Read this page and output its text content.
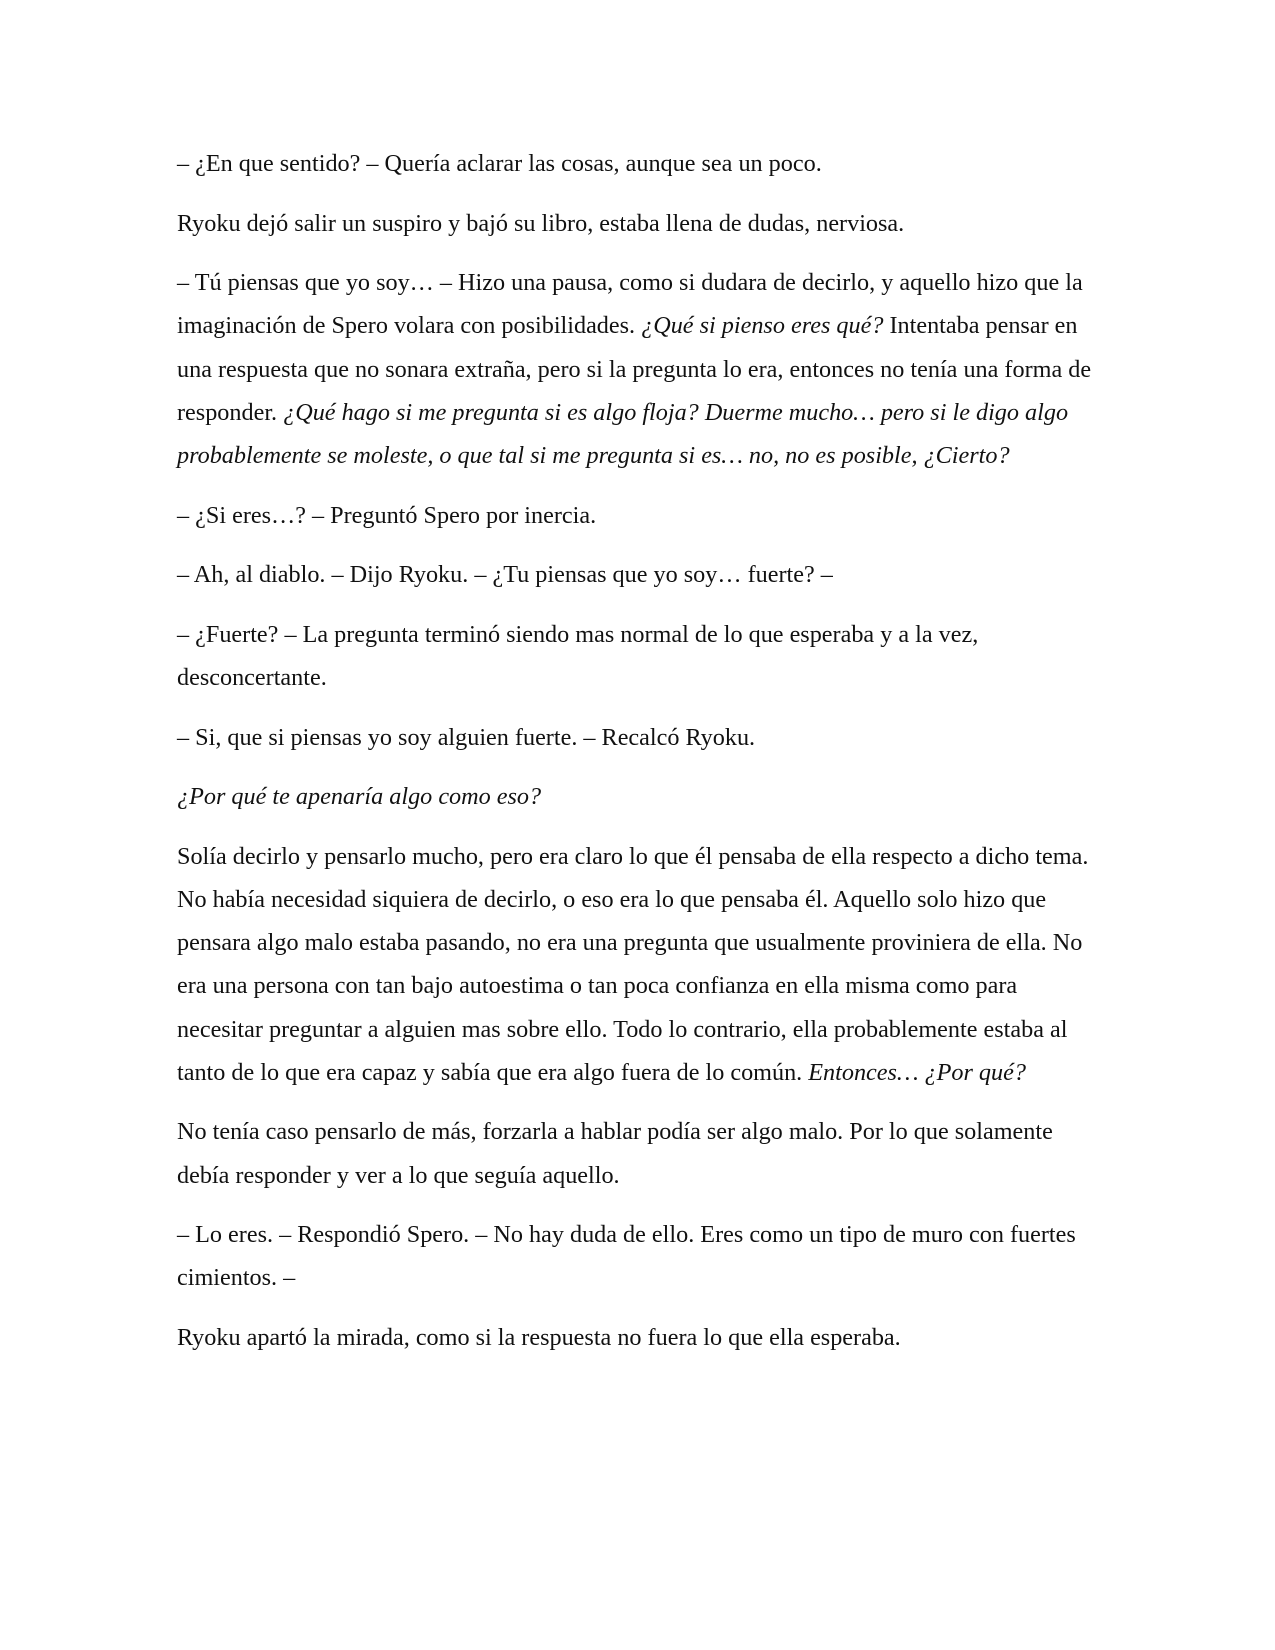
– ¿En que sentido? – Quería aclarar las cosas, aunque sea un poco.

Ryoku dejó salir un suspiro y bajó su libro, estaba llena de dudas, nerviosa.

– Tú piensas que yo soy… – Hizo una pausa, como si dudara de decirlo, y aquello hizo que la imaginación de Spero volara con posibilidades. ¿Qué si pienso eres qué? Intentaba pensar en una respuesta que no sonara extraña, pero si la pregunta lo era, entonces no tenía una forma de responder. ¿Qué hago si me pregunta si es algo floja? Duerme mucho… pero si le digo algo probablemente se moleste, o que tal si me pregunta si es… no, no es posible, ¿Cierto?

– ¿Si eres…? – Preguntó Spero por inercia.

– Ah, al diablo. – Dijo Ryoku. – ¿Tu piensas que yo soy… fuerte? –

– ¿Fuerte? – La pregunta terminó siendo mas normal de lo que esperaba y a la vez, desconcertante.

– Si, que si piensas yo soy alguien fuerte. – Recalcó Ryoku.

¿Por qué te apenaría algo como eso?

Solía decirlo y pensarlo mucho, pero era claro lo que él pensaba de ella respecto a dicho tema. No había necesidad siquiera de decirlo, o eso era lo que pensaba él. Aquello solo hizo que pensara algo malo estaba pasando, no era una pregunta que usualmente proviniera de ella. No era una persona con tan bajo autoestima o tan poca confianza en ella misma como para necesitar preguntar a alguien mas sobre ello. Todo lo contrario, ella probablemente estaba al tanto de lo que era capaz y sabía que era algo fuera de lo común. Entonces… ¿Por qué?

No tenía caso pensarlo de más, forzarla a hablar podía ser algo malo. Por lo que solamente debía responder y ver a lo que seguía aquello.

– Lo eres. – Respondió Spero. – No hay duda de ello. Eres como un tipo de muro con fuertes cimientos. –

Ryoku apartó la mirada, como si la respuesta no fuera lo que ella esperaba.
